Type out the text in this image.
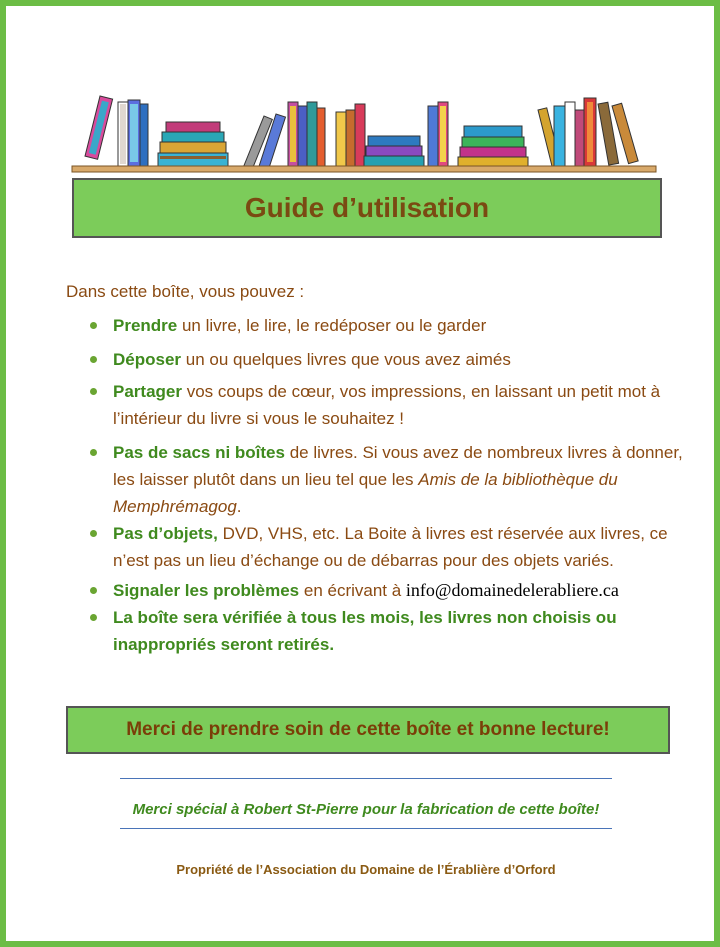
Guide d’utilisation
Dans cette boîte, vous pouvez :
Prendre un livre, le lire, le redéposer ou le garder
Déposer un ou quelques livres que vous avez aimés
Partager vos coups de cœur, vos impressions, en laissant un petit mot à l’intérieur du livre si vous le souhaitez !
Pas de sacs ni boîtes de livres. Si vous avez de nombreux livres à donner, les laisser plutôt dans un lieu tel que les Amis de la bibliothèque du Memphrémagog.
Pas d’objets, DVD, VHS, etc. La Boite à livres est réservée aux livres, ce n’est pas un lieu d’échange ou de débarras pour des objets variés.
Signaler les problèmes en écrivant à info@domainedelerabliere.ca
La boîte sera vérifiée à tous les mois, les livres non choisis ou inappropriés seront retirés.
Merci de prendre soin de cette boîte et bonne lecture!
Merci spécial à Robert St-Pierre pour la fabrication de cette boîte!
Propriété de l’Association du Domaine de l’Érablière d’Orford
